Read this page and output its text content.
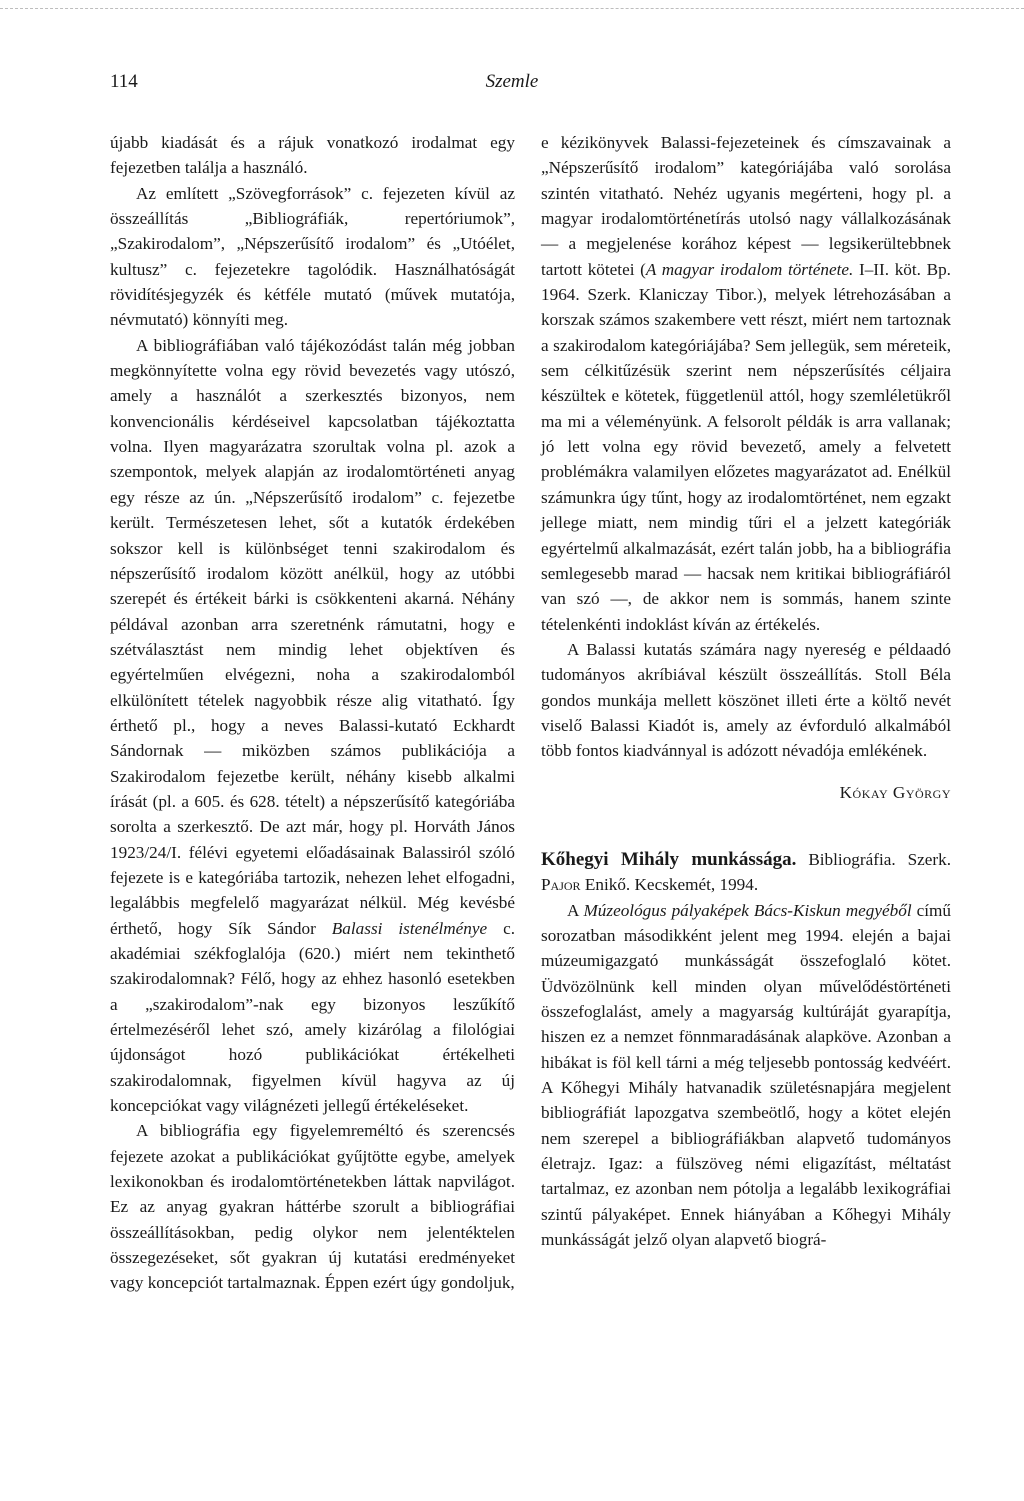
114	Szemle

újabb kiadását és a rájuk vonatkozó irodalmat egy fejezetben találja a használó.

Az említett „Szövegforrások” c. fejezeten kívül az összeállítás „Bibliográfiák, repertóriumok”, „Szakirodalom”, „Népszerűsítő irodalom” és „Utóélet, kultusz” c. fejezetekre tagolódik. Használhatóságát rövidítésjegyzék és kétféle mutató (művek mutatója, névmutató) könnyíti meg.

A bibliográfiában való tájékozódást talán még jobban megkönnyítette volna egy rövid bevezetés vagy utószó, amely a használót a szerkesztés bizonyos, nem konvencionális kérdéseivel kapcsolatban tájékoztatta volna. Ilyen magyarázatra szorultak volna pl. azok a szempontok, melyek alapján az irodalomtörténeti anyag egy része az ún. „Népszerűsítő irodalom” c. fejezetbe került. Természetesen lehet, sőt a kutatók érdekében sokszor kell is különbséget tenni szakirodalom és népszerűsítő irodalom között anélkül, hogy az utóbbi szerepét és értékeit bárki is csökkenteni akarná. Néhány példával azonban arra szeretnénk rámutatni, hogy e szétválasztást nem mindig lehet objektíven és egyértelműen elvégezni, noha a szakirodalomból elkülönített tételek nagyobbik része alig vitatható. Így érthető pl., hogy a neves Balassi-kutató Eckhardt Sándornak — miközben számos publikációja a Szakirodalom fejezetbe került, néhány kisebb alkalmi írását (pl. a 605. és 628. tételt) a népszerűsítő kategóriába sorolta a szerkesztő. De azt már, hogy pl. Horváth János 1923/24/I. félévi egyetemi előadásainak Balassiról szóló fejezete is e kategóriába tartozik, nehezen lehet elfogadni, legalábbis megfelelő magyarázat nélkül. Még kevésbé érthető, hogy Sík Sándor Balassi istenélménye c. akadémiai székfoglalója (620.) miért nem tekinthető szakirodalomnak? Félő, hogy az ehhez hasonló esetekben a „szakirodalom”-nak egy bizonyos leszűkítő értelmezéséről lehet szó, amely kizárólag a filológiai újdonságot hozó publikációkat értékelheti szakirodalomnak, figyelmen kívül hagyva az új koncepciókat vagy világnézeti jellegű értékeléseket.

A bibliográfia egy figyelemreméltó és szerencsés fejezete azokat a publikációkat gyűjtötte egybe, amelyek lexikonokban és irodalomtörténetekben láttak napvilágot. Ez az anyag gyakran háttérbe szorult a bibliográfiai összeállításokban, pedig olykor nem jelentéktelen összegezéseket, sőt gyakran új kutatási eredményeket vagy koncepciót tartalmaznak. Éppen ezért úgy gondoljuk,

e kézikönyvek Balassi-fejezeteinek és címszavainak a „Népszerűsítő irodalom” kategóriájába való sorolása szintén vitatható. Nehéz ugyanis megérteni, hogy pl. a magyar irodalomtörténetírás utolsó nagy vállalkozásának — a megjelenése korához képest — legsikerültebbnek tartott kötetei (A magyar irodalom története. I–II. köt. Bp. 1964. Szerk. Klaniczay Tibor.), melyek létrehozásában a korszak számos szakembere vett részt, miért nem tartoznak a szakirodalom kategóriájába? Sem jellegük, sem méreteik, sem célkitűzésük szerint nem népszerűsítés céljaira készültek e kötetek, függetlenül attól, hogy szemléletükről ma mi a véleményünk. A felsorolt példák is arra vallanak; jó lett volna egy rövid bevezető, amely a felvetett problémákra valamilyen előzetes magyarázatot ad. Enélkül számunkra úgy tűnt, hogy az irodalomtörténet, nem egzakt jellege miatt, nem mindig tűri el a jelzett kategóriák egyértelmű alkalmazását, ezért talán jobb, ha a bibliográfia semlegesebb marad — hacsak nem kritikai bibliográfiáról van szó —, de akkor nem is sommás, hanem szinte tételenkénti indoklást kíván az értékelés.

A Balassi kutatás számára nagy nyereség e példaadó tudományos akríbiával készült összeállítás. Stoll Béla gondos munkája mellett köszönet illeti érte a költő nevét viselő Balassi Kiadót is, amely az évforduló alkalmából több fontos kiadvánnyal is adózott névadója emlékének.

Kókay György

Kőhegyi Mihály munkássága. Bibliográfia. Szerk. Pajor Enikő. Kecskemét, 1994.

A Múzeológus pályaképek Bács-Kiskun megyéből című sorozatban másodikként jelent meg 1994. elején a bajai múzeumigazgató munkásságát összefoglaló kötet. Üdvözölnünk kell minden olyan művelődéstörténeti összefoglalást, amely a magyarság kultúráját gyarapítja, hiszen ez a nemzet fönnmaradásának alapköve. Azonban a hibákat is föl kell tárni a még teljesebb pontosság kedvéért. A Kőhegyi Mihály hatvanadik születésnapjára megjelent bibliográfiát lapozgatva szembeötlő, hogy a kötet elején nem szerepel a bibliográfiákban alapvető tudományos életrajz. Igaz: a fülszöveg némi eligazítást, méltatást tartalmaz, ez azonban nem pótolja a legalább lexikográfiai szintű pályaképet. Ennek hiányában a Kőhegyi Mihály munkásságát jelző olyan alapvető biográ-
